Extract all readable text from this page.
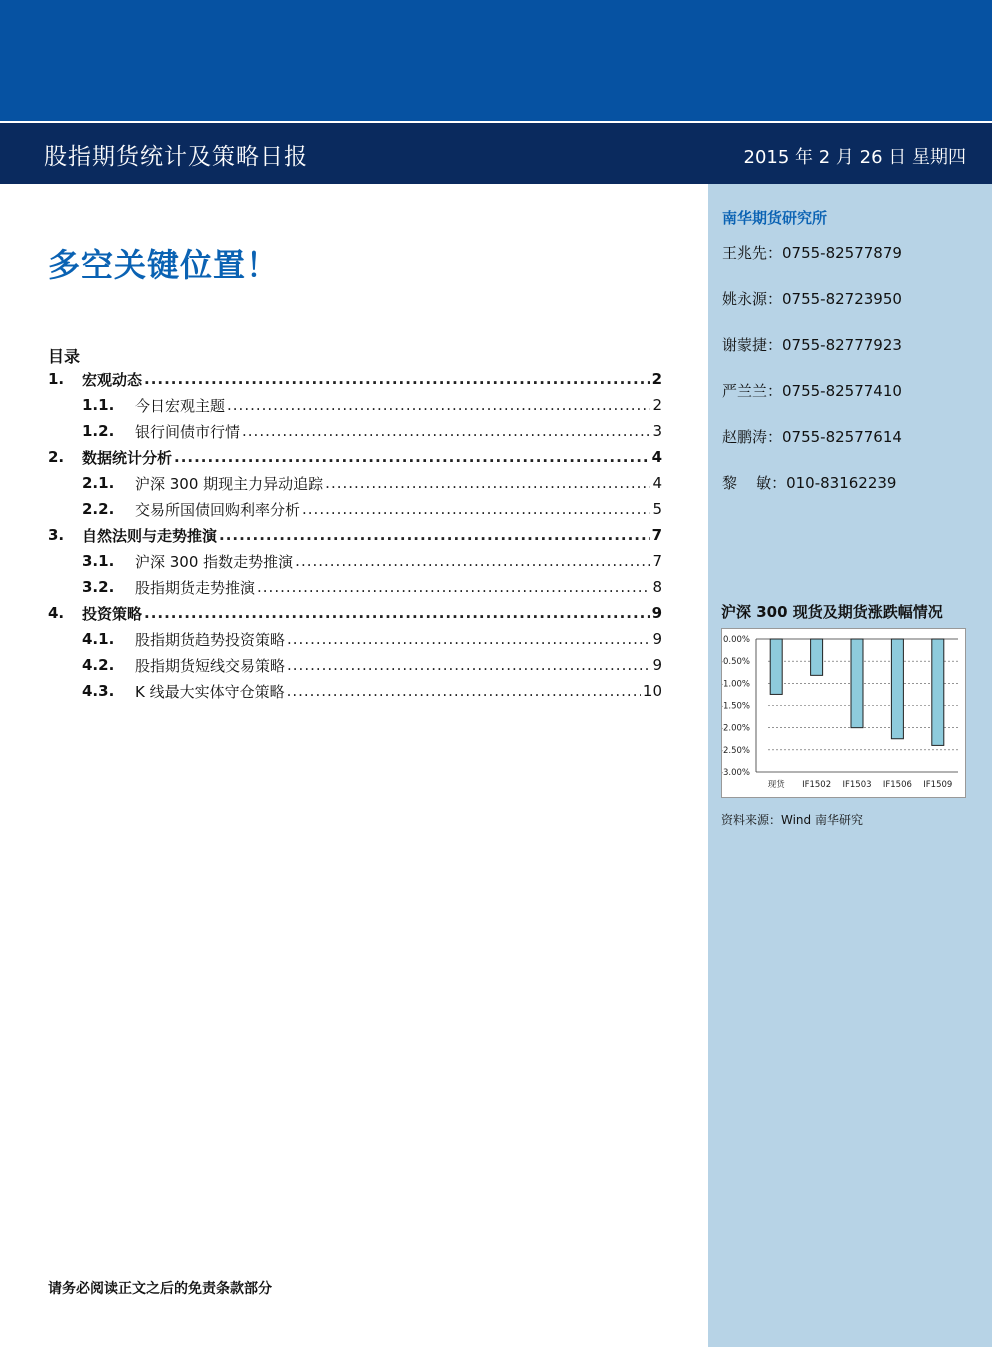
股指期货统计及策略日报	2015 年 2 月 26 日 星期四
多空关键位置！
目录
1.	宏观动态 .....	2
1.1.	今日宏观主题 .....	2
1.2.	银行间债市行情 .....	3
2.	数据统计分析 .....	4
2.1.	沪深 300 期现主力异动追踪 .....	4
2.2.	交易所国债回购利率分析 .....	5
3.	自然法则与走势推演 .....	7
3.1.	沪深 300 指数走势推演 .....	7
3.2.	股指期货走势推演 .....	8
4.	投资策略 .....	9
4.1.	股指期货趋势投资策略 .....	9
4.2.	股指期货短线交易策略 .....	9
4.3.	K 线最大实体守仓策略 .....	10
请务必阅读正文之后的免责条款部分
南华期货研究所
王兆先：0755-82577879
姚永源：0755-82723950
谢蒙捷：0755-82777923
严兰兰：0755-82577410
赵鹏涛：0755-82577614
黎    敏：010-83162239
沪深 300 现货及期货涨跌幅情况
0.00%
-0.50%
-1.00%
-1.50%
-2.00%
-2.50%
-3.00%
现货 IF1502 IF1503 IF1506 IF1509
资料来源：Wind 南华研究
